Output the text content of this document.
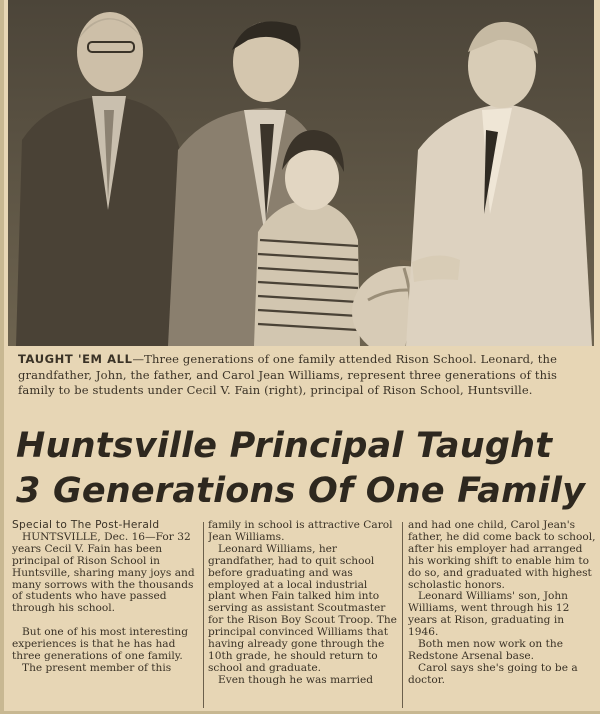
TAUGHT 'EM ALL—Three generations of one family attended Rison School. Leonard, the grandfather, John, the father, and Carol Jean Williams, represent three generations of this family to be students under Cecil V. Fain (right), principal of Rison School, Huntsville.
Huntsville Principal Taught
3 Generations Of One Family

Special to The Post-Herald

HUNTSVILLE, Dec. 16—For 32 years Cecil V. Fain has been principal of Rison School in Huntsville, sharing many joys and many sorrows with the thousands of students who have passed through his school.

But one of his most interesting experiences is that he has had three generations of one family.

The present member of this

family in school is attractive Carol Jean Williams.

Leonard Williams, her grandfather, had to quit school before graduating and was employed at a local industrial plant when Fain talked him into serving as assistant Scoutmaster for the Rison Boy Scout Troop. The principal convinced Williams that having already gone through the 10th grade, he should return to school and graduate.

Even though he was married

and had one child, Carol Jean's father, he did come back to school, after his employer had arranged his working shift to enable him to do so, and graduated with highest scholastic honors.

Leonard Williams' son, John Williams, went through his 12 years at Rison, graduating in 1946.

Both men now work on the Redstone Arsenal base.

Carol says she's going to be a doctor.
